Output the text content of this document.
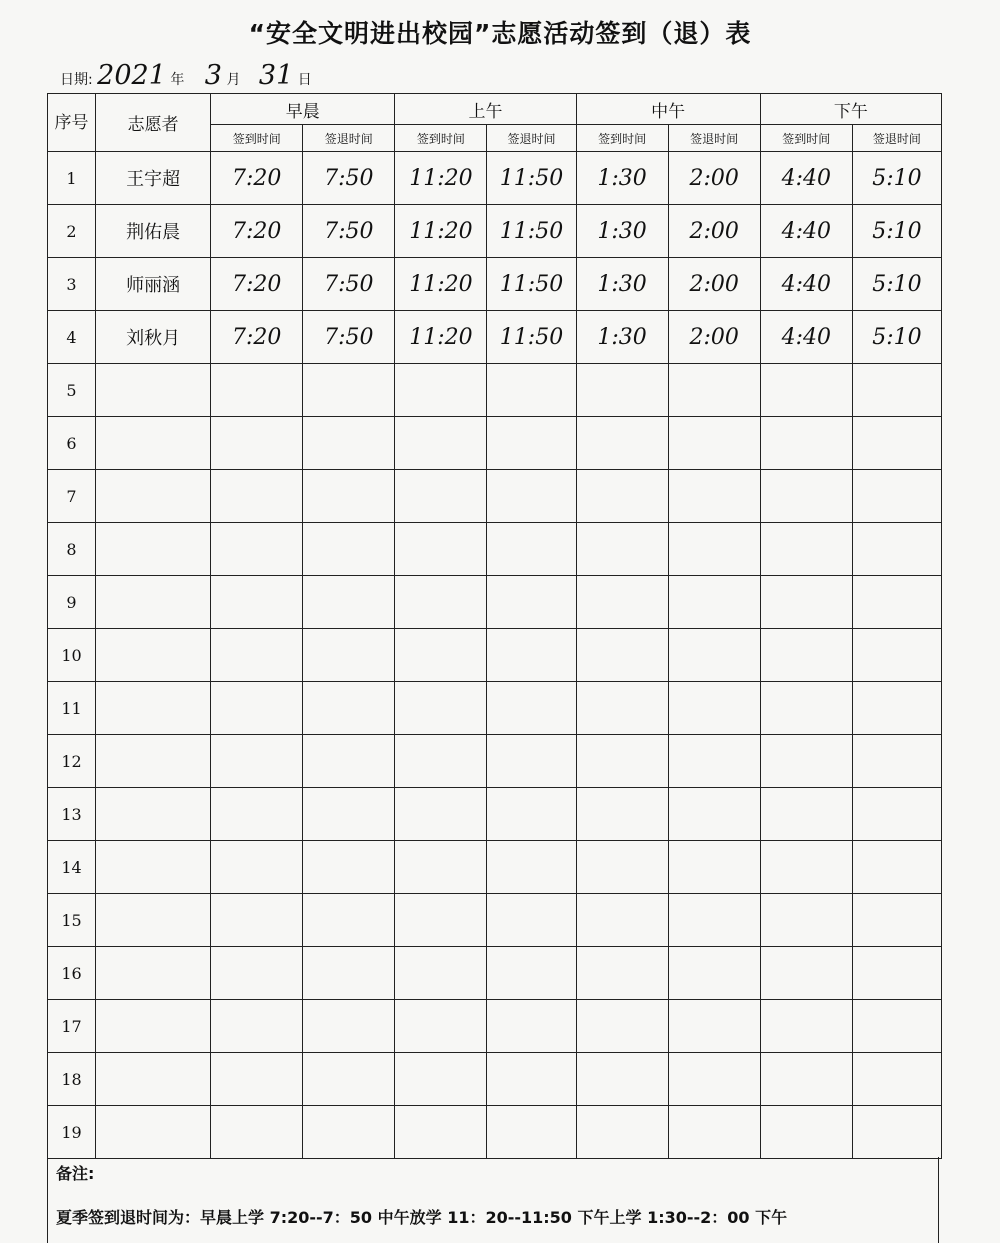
“安全文明进出校园”志愿活动签到（退）表
日期: 2021 年 3 月 31 日
序号	志愿者	早晨		上午		中午		下午	
		签到时间	签退时间	签到时间	签退时间	签到时间	签退时间	签到时间	签退时间
1	王宇超	7:20	7:50	11:20	11:50	1:30	2:00	4:40	5:10
2	荆佑晨	7:20	7:50	11:20	11:50	1:30	2:00	4:40	5:10
3	师丽涵	7:20	7:50	11:20	11:50	1:30	2:00	4:40	5:10
4	刘秋月	7:20	7:50	11:20	11:50	1:30	2:00	4:40	5:10
5									
6									
7									
8									
9									
10									
11									
12									
13									
14									
15									
16									
17									
18									
19									
备注:
夏季签到退时间为：早晨上学 7:20--7：50 中午放学 11：20--11:50 下午上学 1:30--2：00 下午
